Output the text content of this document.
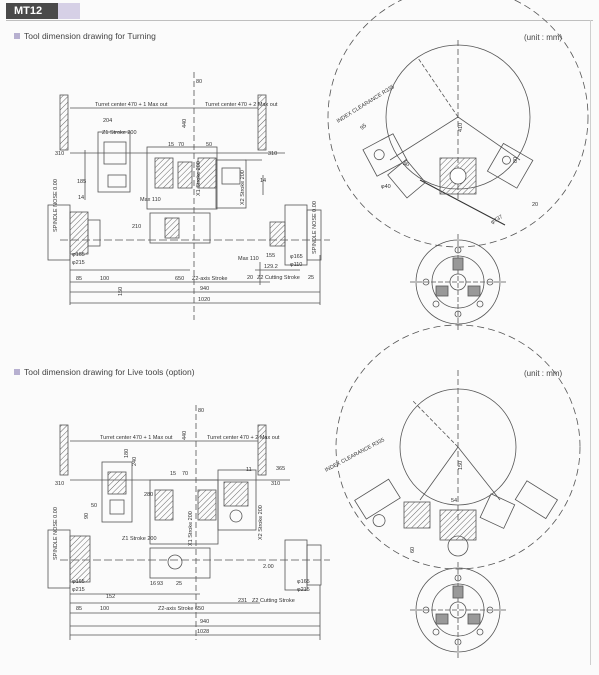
MT12
Tool dimension drawing for Turning	(unit : mm)
Tool dimension drawing for Live tools (option)	(unit : mm)
80
440
Turret center 470 + 1 Max out	Turret center 470 + 2 Max out
204
Z1 Stroke 200
310	310
185
14
14
15 70	50
Max 110
Max 110
X1 Stroke 200	X2 Stroke 200
SPINDLE NOSE 0.00	SPINDLE NOSE 0.00
φ165
φ215
φ165
φ110
155
129.2
20 Z2 Cutting Stroke 25
85	100	650 Z2-axis Stroke
150	940
1020
210
INDEX CLEARANCE R335
95	410
80
46
φ40
φ737
20
80
440
Turret center 470 + 1 Max out	Turret center 470 + 2 Max out
365
310	310
180
240
280
50
90
15 70
11
Z1 Stroke 200	X1 Stroke 200	X2 Stroke 200
SPINDLE NOSE 0.00
2.00
16 93 25
φ165
φ215
φ165
φ215
152
85	100	Z2-axis Stroke 650
231 Z2 Cutting Stroke
940
1028
INDEX CLEARANCE R335	150
54
60
